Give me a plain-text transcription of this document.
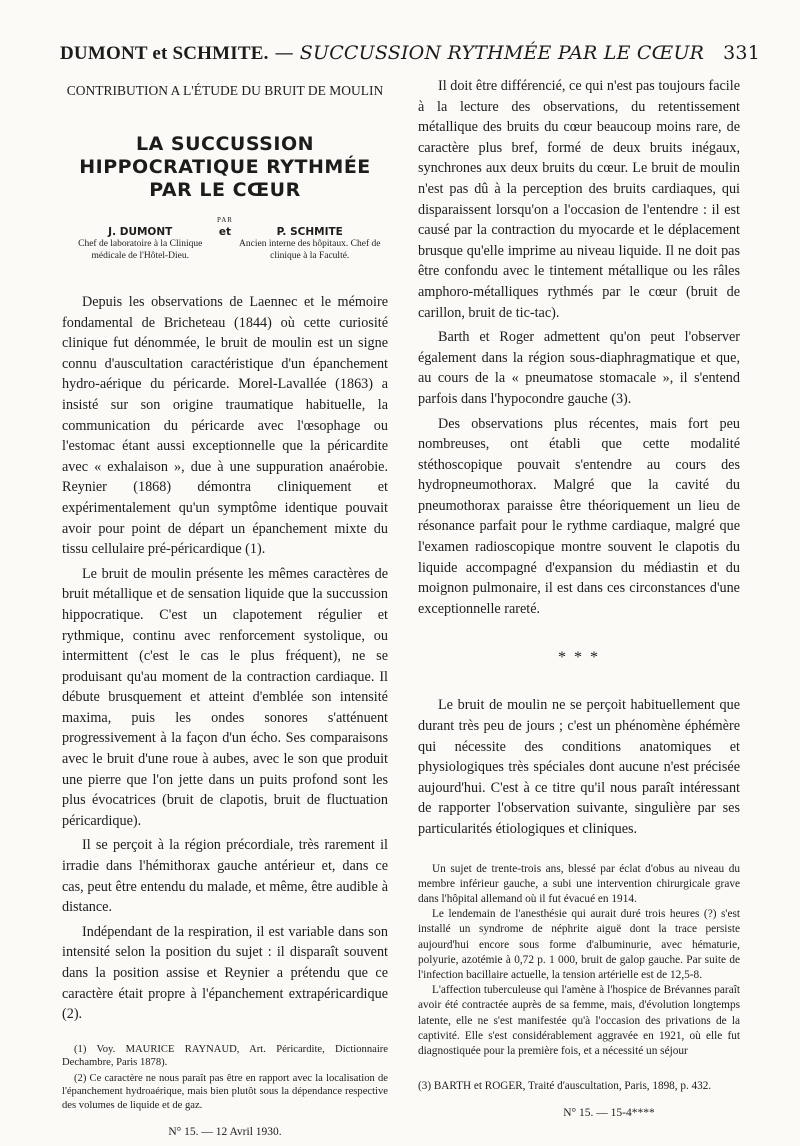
DUMONT et SCHMITE. — SUCCUSSION RYTHMÉE PAR LE CŒUR 331
CONTRIBUTION A L'ÉTUDE DU BRUIT DE MOULIN
LA SUCCUSSION
HIPPOCRATIQUE RYTHMÉE
PAR LE CŒUR
PAR
J. DUMONT
Chef de laboratoire à la Clinique médicale de l'Hôtel-Dieu.
et	P. SCHMITE
Ancien interne des hôpitaux. Chef de clinique à la Faculté.

Depuis les observations de Laennec et le mémoire fondamental de Bricheteau (1844) où cette curiosité clinique fut dénommée, le bruit de moulin est un signe connu d'auscultation caractéristique d'un épanchement hydro-aérique du péricarde. Morel-Lavallée (1863) a insisté sur son origine traumatique habituelle, la communication du péricarde avec l'œsophage ou l'estomac étant aussi exceptionnelle que la péricardite avec « exhalaison », due à une suppuration anaérobie. Reynier (1868) démontra cliniquement et expérimentalement qu'un symptôme identique pouvait avoir pour point de départ un épanchement mixte du tissu cellulaire pré-péricardique (1).

Le bruit de moulin présente les mêmes caractères de bruit métallique et de sensation liquide que la succussion hippocratique. C'est un clapotement régulier et rythmique, continu avec renforcement systolique, ou intermittent (c'est le cas le plus fréquent), ne se produisant qu'au moment de la contraction cardiaque. Il débute brusquement et atteint d'emblée son intensité maxima, puis les ondes sonores s'atténuent progressivement à la façon d'un écho. Ses comparaisons avec le bruit d'une roue à aubes, avec le son que produit une pierre que l'on jette dans un puits profond sont les plus évocatrices (bruit de clapotis, bruit de fluctuation péricardique).

Il se perçoit à la région précordiale, très rarement il irradie dans l'hémithorax gauche antérieur et, dans ce cas, peut être entendu du malade, et même, être audible à distance.

Indépendant de la respiration, il est variable dans son intensité selon la position du sujet : il disparaît souvent dans la position assise et Reynier a prétendu que ce caractère était propre à l'épanchement extrapéricardique (2).

(1) Voy. MAURICE RAYNAUD, Art. Péricardite, Dictionnaire Dechambre, Paris 1878).

(2) Ce caractère ne nous paraît pas être en rapport avec la localisation de l'épanchement hydroaérique, mais bien plutôt sous la dépendance respective des volumes de liquide et de gaz.

N° 15. — 12 Avril 1930.

Il doit être différencié, ce qui n'est pas toujours facile à la lecture des observations, du retentissement métallique des bruits du cœur beaucoup moins rare, de caractère plus bref, formé de deux bruits inégaux, synchrones aux deux bruits du cœur. Le bruit de moulin n'est pas dû à la perception des bruits cardiaques, qui disparaissent lorsqu'on a l'occasion de l'entendre : il est causé par la contraction du myocarde et le déplacement brusque qu'elle imprime au niveau liquide. Il ne doit pas être confondu avec le tintement métallique ou les râles amphoro-métalliques rythmés par le cœur (bruit de carillon, bruit de tic-tac).

Barth et Roger admettent qu'on peut l'observer également dans la région sous-diaphragmatique et que, au cours de la « pneumatose stomacale », il s'entend parfois dans l'hypocondre gauche (3).

Des observations plus récentes, mais fort peu nombreuses, ont établi que cette modalité stéthoscopique pouvait s'entendre au cours des hydropneumothorax. Malgré que la cavité du pneumothorax paraisse être théoriquement un lieu de résonance parfait pour le rythme cardiaque, malgré que l'examen radioscopique montre souvent le clapotis du liquide accompagné d'expansion du médiastin et du moignon pulmonaire, il est dans ces circonstances d'une exceptionnelle rareté.

* * *

Le bruit de moulin ne se perçoit habituellement que durant très peu de jours ; c'est un phénomène éphémère qui nécessite des conditions anatomiques et physiologiques très spéciales dont aucune n'est précisée aujourd'hui. C'est à ce titre qu'il nous paraît intéressant de rapporter l'observation suivante, singulière par ses particularités étiologiques et cliniques.

Un sujet de trente-trois ans, blessé par éclat d'obus au niveau du membre inférieur gauche, a subi une intervention chirurgicale grave dans l'hôpital allemand où il fut évacué en 1914.

Le lendemain de l'anesthésie qui aurait duré trois heures (?) s'est installé un syndrome de néphrite aiguë dont la trace persiste aujourd'hui encore sous forme d'albuminurie, avec hématurie, polyurie, azotémie à 0,72 p. 1 000, bruit de galop gauche. Par suite de l'infection bacillaire actuelle, la tension artérielle est de 12,5-8.

L'affection tuberculeuse qui l'amène à l'hospice de Brévannes paraît avoir été contractée auprès de sa femme, mais, d'évolution longtemps latente, elle ne s'est manifestée qu'à l'occasion des privations de la captivité. Elle s'est considérablement aggravée en 1921, où elle fut diagnostiquée pour la première fois, et a nécessité un séjour

(3) BARTH et ROGER, Traité d'auscultation, Paris, 1898, p. 432.
N° 15. — 15-4****
